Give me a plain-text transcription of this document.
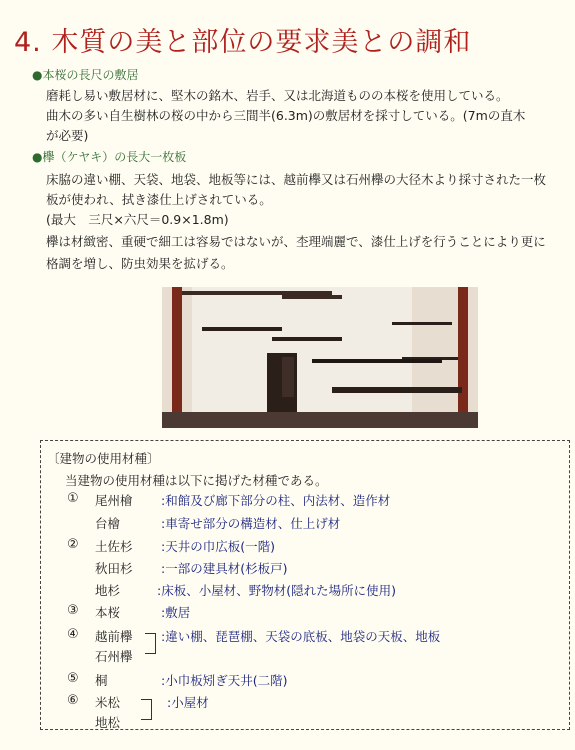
4. 木質の美と部位の要求美との調和
●本桜の長尺の敷居
磨耗し易い敷居材に、堅木の銘木、岩手、又は北海道ものの本桜を使用している。
曲木の多い自生樹林の桜の中から三間半(6.3m)の敷居材を採寸している。(7mの直木
が必要)
●欅（ケヤキ）の長大一枚板
床脇の違い棚、天袋、地袋、地板等には、越前欅又は石州欅の大径木より採寸された一枚
板が使われ、拭き漆仕上げされている。
(最大　三尺×六尺＝0.9×1.8m)
欅は材緻密、重硬で細工は容易ではないが、杢理端麗で、漆仕上げを行うことにより更に
格調を増し、防虫効果を拡げる。
〔建物の使用材種〕
当建物の使用材種は以下に掲げた材種である。
① 尾州檜 :和館及び廊下部分の柱、内法材、造作材
台檜	:車寄せ部分の構造材、仕上げ材
② 土佐杉 :天井の巾広板(一階)
秋田杉 :一部の建具材(杉板戸)
地杉	:床板、小屋材、野物材(隠れた場所に使用)
③ 本桜	:敷居
④ 越前欅 :違い棚、琵琶棚、天袋の底板、地袋の天板、地板
石州欅
⑤ 桐	:小巾板矧ぎ天井(二階)
⑥ 米松	:小屋材
地松
